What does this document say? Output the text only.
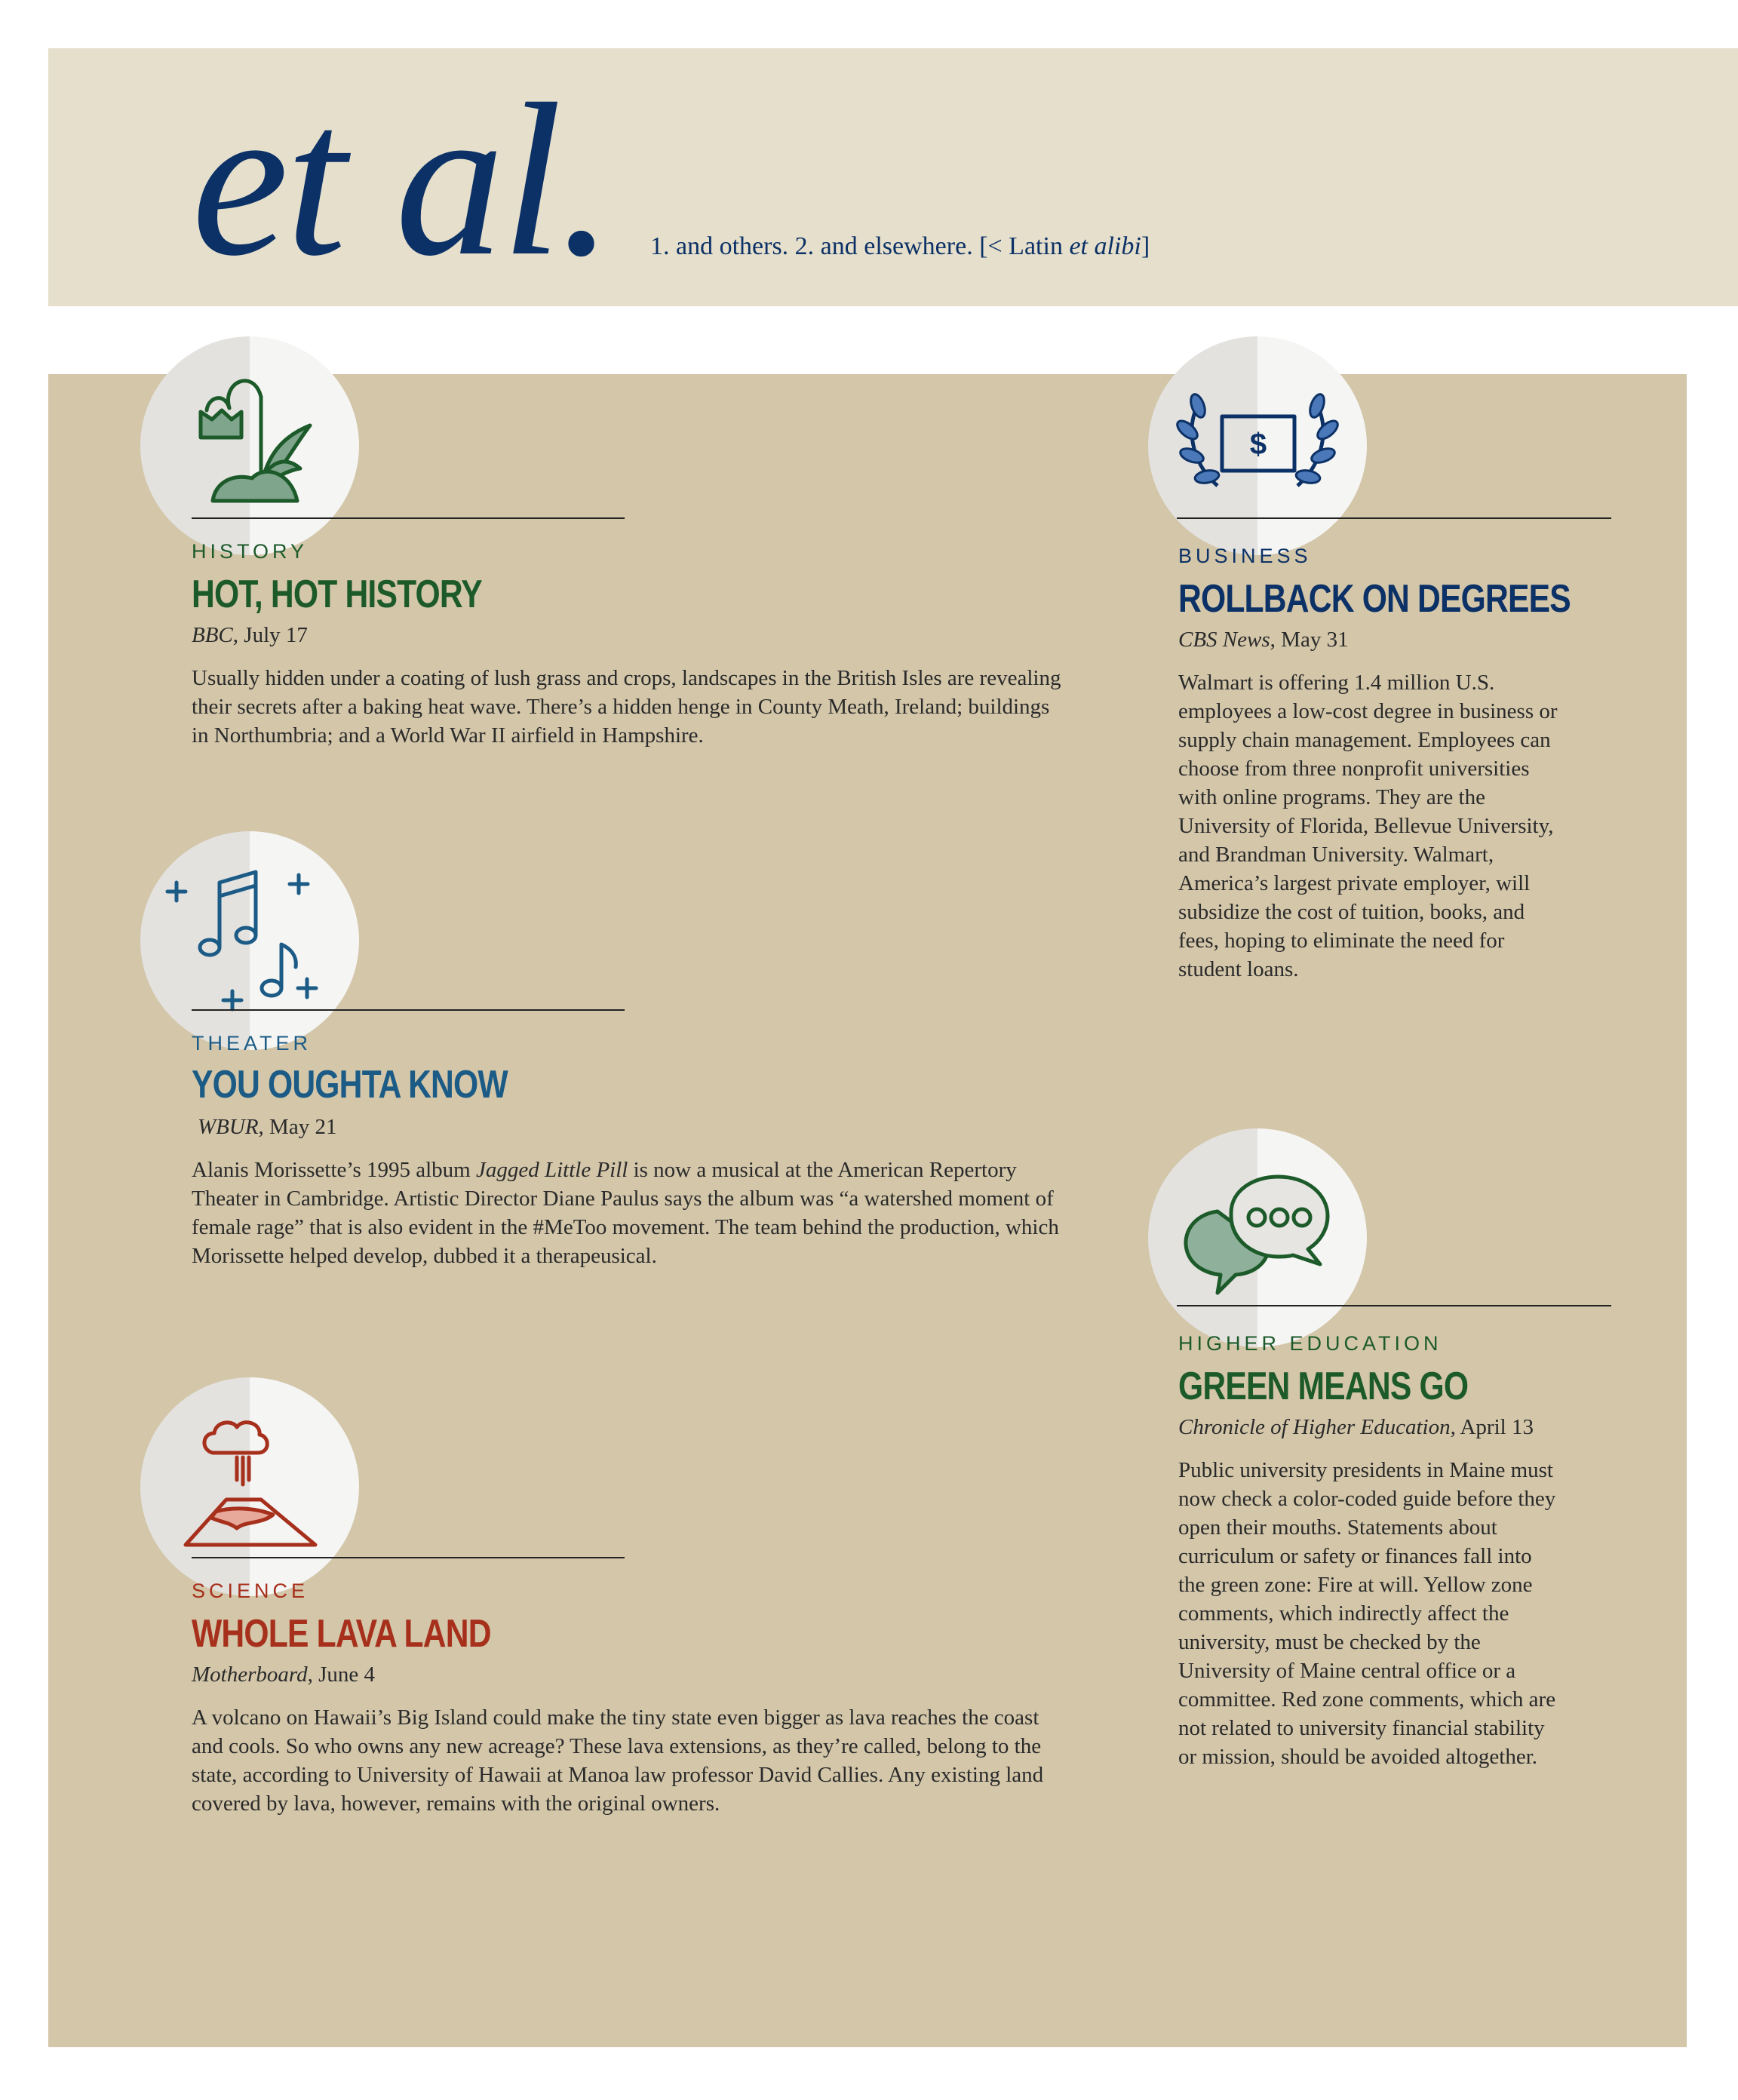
et al. 1. and others. 2. and elsewhere. [< Latin et alibi]
HISTORY
HOT, HOT HISTORY
BBC, July 17
Usually hidden under a coating of lush grass and crops, landscapes in the British Isles are revealing their secrets after a baking heat wave. There’s a hidden henge in County Meath, Ireland; buildings in Northumbria; and a World War II airfield in Hampshire.
THEATER
YOU OUGHTA KNOW
WBUR, May 21
Alanis Morissette’s 1995 album Jagged Little Pill is now a musical at the American Repertory Theater in Cambridge. Artistic Director Diane Paulus says the album was “a watershed moment of female rage” that is also evident in the #MeToo movement. The team behind the production, which Morissette helped develop, dubbed it a therapeusical.
SCIENCE
WHOLE LAVA LAND
Motherboard, June 4
A volcano on Hawaii’s Big Island could make the tiny state even bigger as lava reaches the coast and cools. So who owns any new acreage? These lava extensions, as they’re called, belong to the state, according to University of Hawaii at Manoa law professor David Callies. Any existing land covered by lava, however, remains with the original owners.
$
BUSINESS
ROLLBACK ON DEGREES
CBS News, May 31
Walmart is offering 1.4 million U.S. employees a low-cost degree in business or supply chain management. Employees can choose from three nonprofit universities with online programs. They are the University of Florida, Bellevue University, and Brandman University. Walmart, America’s largest private employer, will subsidize the cost of tuition, books, and fees, hoping to eliminate the need for student loans.
HIGHER EDUCATION
GREEN MEANS GO
Chronicle of Higher Education, April 13
Public university presidents in Maine must now check a color-coded guide before they open their mouths. Statements about curriculum or safety or finances fall into the green zone: Fire at will. Yellow zone comments, which indirectly affect the university, must be checked by the University of Maine central office or a committee. Red zone comments, which are not related to university financial stability or mission, should be avoided altogether.
